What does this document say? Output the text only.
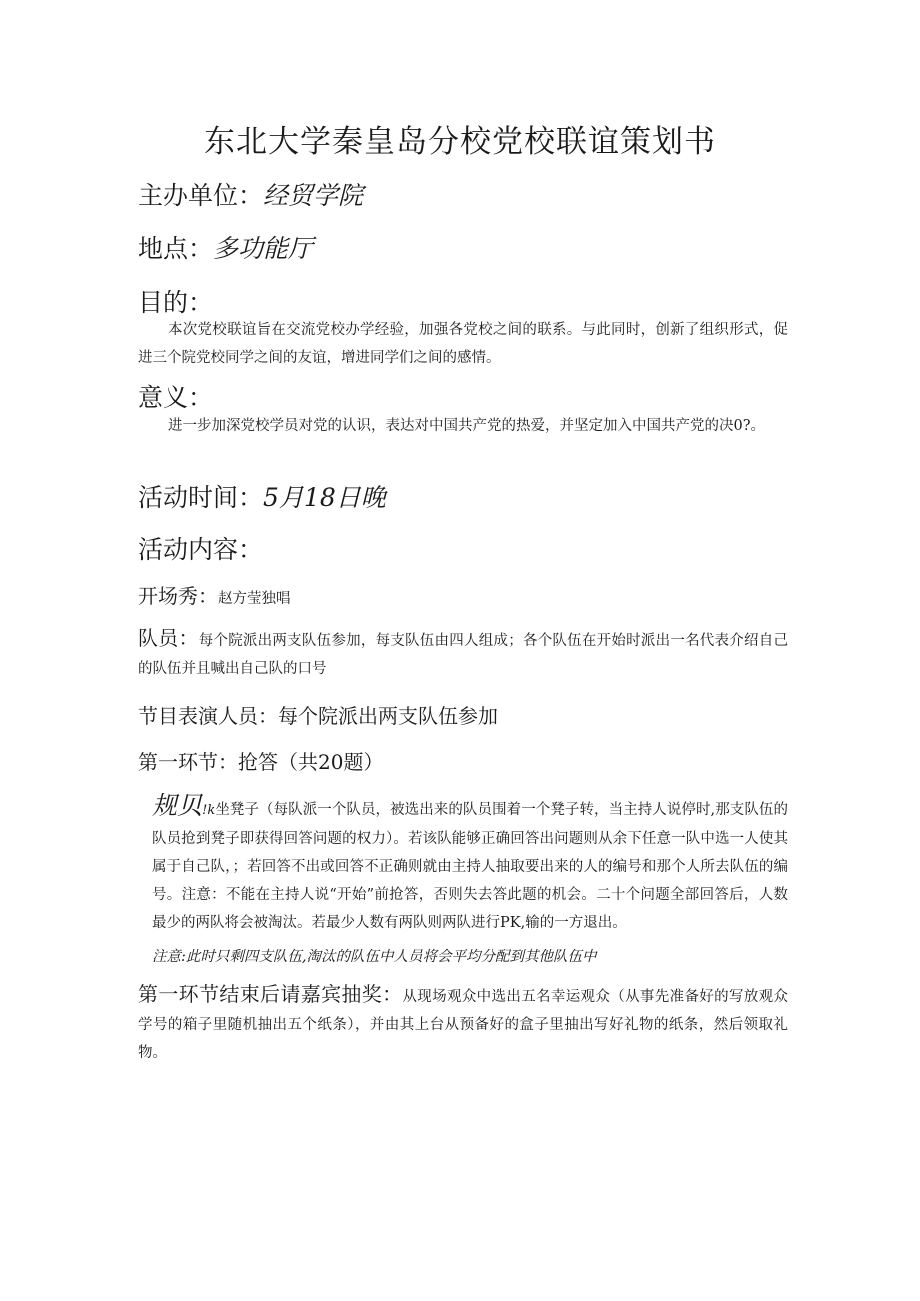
东北大学秦皇岛分校党校联谊策划书
主办单位：经贸学院
地点：多功能厅
目的：
本次党校联谊旨在交流党校办学经验，加强各党校之间的联系。与此同时，创新了组织形式，促进三个院党校同学之间的友谊，增进同学们之间的感情。
意义：
进一步加深党校学员对党的认识，表达对中国共产党的热爱，并坚定加入中国共产党的决0?。
活动时间：5月18日晚
活动内容：
开场秀：赵方莹独唱
队员：每个院派出两支队伍参加，每支队伍由四人组成；各个队伍在开始时派出一名代表介绍自己的队伍并且喊出自己队的口号
节目表演人员：每个院派出两支队伍参加
第一环节：抢答（共20题）
规贝!k坐凳子（每队派一个队员，被选出来的队员围着一个凳子转，当主持人说停时,那支队伍的队员抢到凳子即获得回答问题的权力）。若该队能够正确回答出问题则从余下任意一队中选一人使其属于自己队，；若回答不出或回答不正确则就由主持人抽取要出来的人的编号和那个人所去队伍的编号。注意：不能在主持人说“开始”前抢答，否则失去答此题的机会。二十个问题全部回答后，人数最少的两队将会被淘汰。若最少人数有两队则两队进行PK,输的一方退出。
注意:此时只剩四支队伍,淘汰的队伍中人员将会平均分配到其他队伍中
第一环节结束后请嘉宾抽奖：从现场观众中选出五名幸运观众（从事先准备好的写放观众学号的箱子里随机抽出五个纸条），并由其上台从预备好的盒子里抽出写好礼物的纸条，然后领取礼物。
